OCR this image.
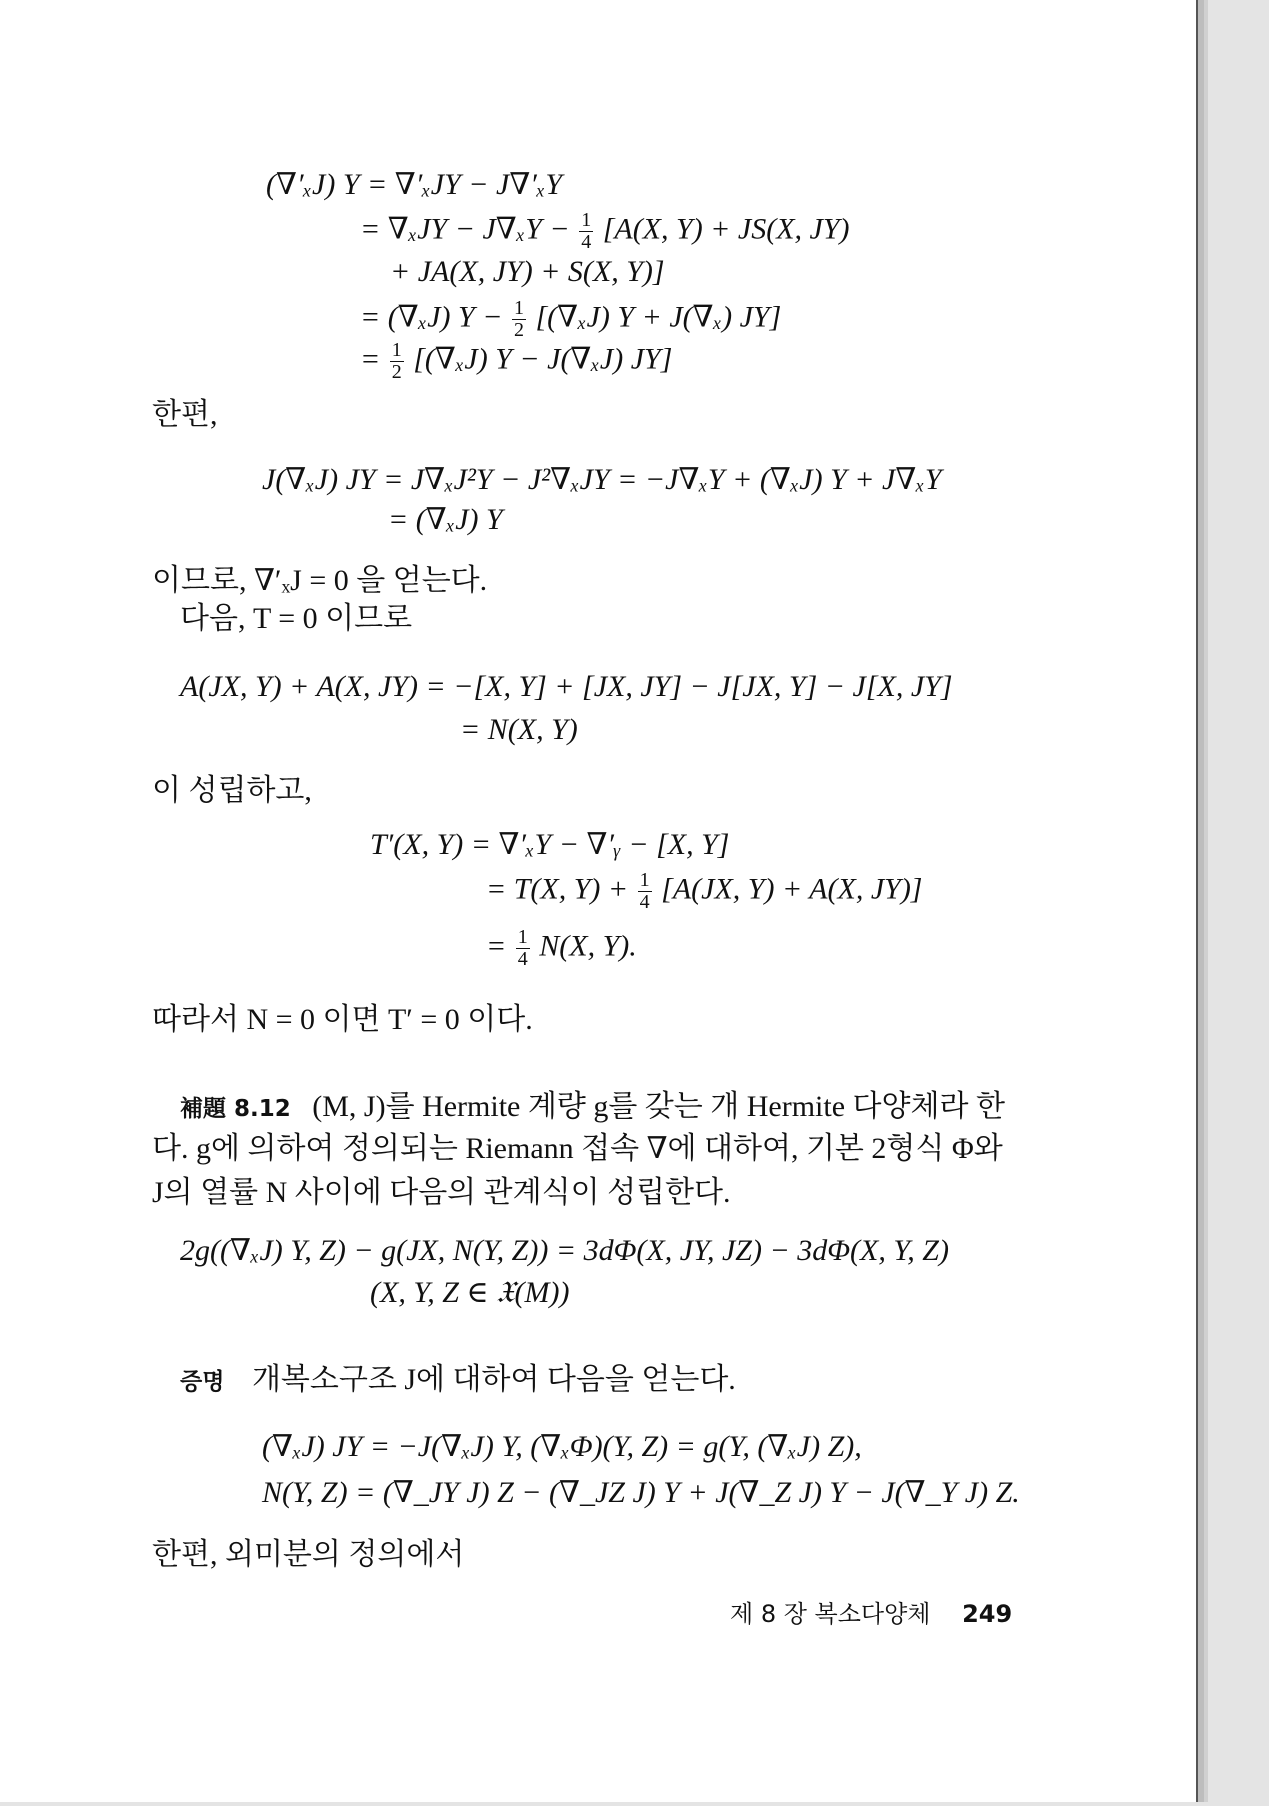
(∇′ₓJ) Y = ∇′ₓJY − J∇′ₓY
= $\nabla_xJY - J\nabla_xY - \frac{1}{4} [A(X$, Y) + JS(X, JY)
+ JA(X, JY) + S(X, Y)]
= (∇ₓJ) $Y - \frac{1}{2} [(\nabla_xJ) Y + J(\nabla_x)$ JY]
= $\frac{1}{2} [(\nabla_xJ) Y - J(\nabla_xJ)$ JY]
한편,
J(∇ₓJ) JY = J∇ₓJ²Y − J²∇ₓJY = −J∇ₓY + (∇ₓJ) Y + J∇ₓY
= (∇ₓJ) Y
이므로, ∇′ₓJ = 0 을 얻는다.
다음, T = 0 이므로
A(JX, Y) + A(X, JY) = −[X, Y] + [JX, JY] − J[JX, Y] − J[X, JY]
= N(X, Y)
이 성립하고,
T′(X, Y) = ∇′ₓY − ∇′ᵧ − [X, Y]
= T(X, $Y) + \frac{1}{4} [A(JX$, Y) + A(X, JY)]
= $\frac{1}{4} N(X$, Y).
따라서 N = 0 이면 T′ = 0 이다.
補題 8.12 (M, J)를 Hermite 계량 g를 갖는 개 Hermite 다양체라 한
다. g에 의하여 정의되는 Riemann 접속 ∇에 대하여, 기본 2형식 Φ와
J의 열률 N 사이에 다음의 관계식이 성립한다.
2g((∇ₓJ) Y, Z) − g(JX, N(Y, Z)) = 3dΦ(X, JY, JZ) − 3dΦ(X, Y, Z)
(X, Y, Z ∈ 𝔛(M))
증명 개복소구조 J에 대하여 다음을 얻는다.
(∇ₓJ) JY = −J(∇ₓJ) Y, (∇ₓΦ)(Y, Z) = g(Y, (∇ₓJ) Z),
N(Y, Z) = (∇_JY J) Z − (∇_JZ J) Y + J(∇_Z J) Y − J(∇_Y J) Z.
한편, 외미분의 정의에서
제 8 장 복소다양체 249
